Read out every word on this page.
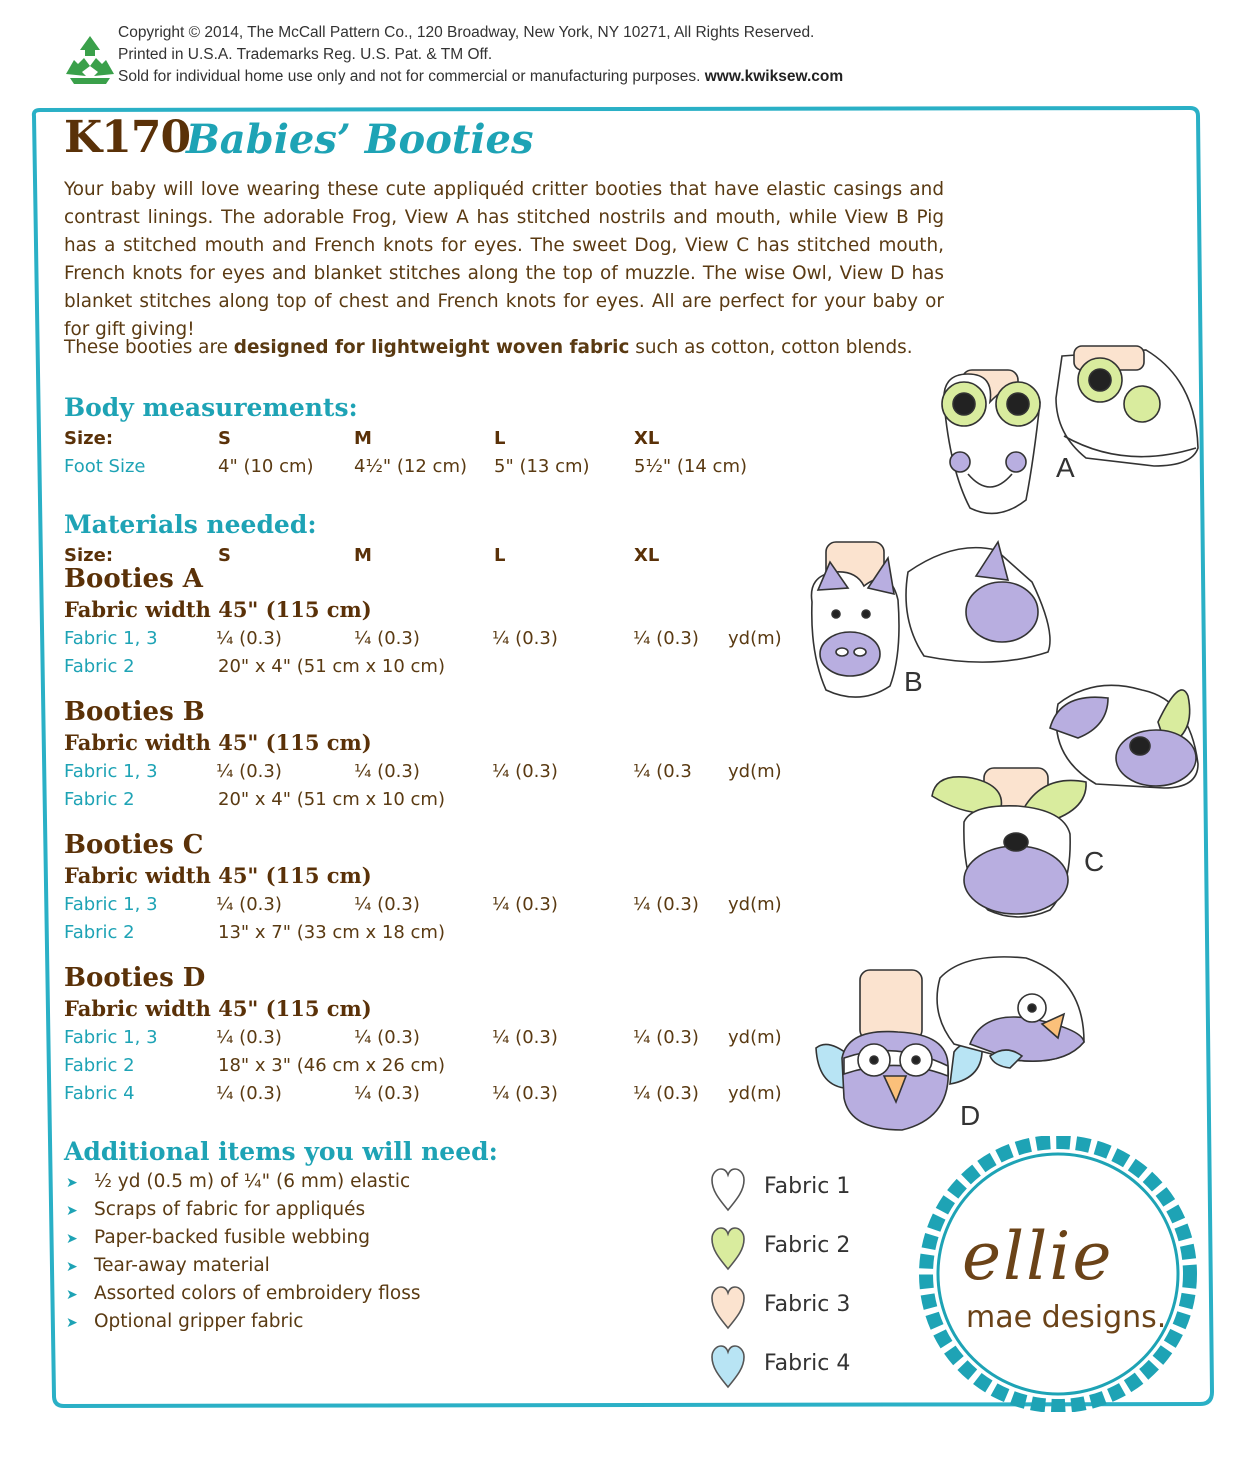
Copyright © 2014, The McCall Pattern Co., 120 Broadway, New York, NY 10271, All Rights Reserved.
Printed in U.S.A. Trademarks Reg. U.S. Pat. & TM Off.
Sold for individual home use only and not for commercial or manufacturing purposes. www.kwiksew.com
K170
Babies’ Booties
Your baby will love wearing these cute appliquéd critter booties that have elastic casings and contrast linings. The adorable Frog, View A has stitched nostrils and mouth, while View B Pig has a stitched mouth and French knots for eyes. The sweet Dog, View C has stitched mouth, French knots for eyes and blanket stitches along the top of muzzle. The wise Owl, View D has blanket stitches along top of chest and French knots for eyes. All are perfect for your baby or for gift giving!
These booties are designed for lightweight woven fabric such as cotton, cotton blends.
Body measurements:
Size:	S	M	L	XL
Foot Size	4" (10 cm) 4½" (12 cm) 5" (13 cm) 5½" (14 cm)
Materials needed:
Size:	S	M	L	XL
Booties A
Fabric width 45" (115 cm)
Fabric 1, 3	¼ (0.3)	¼ (0.3)	¼ (0.3)	¼ (0.3) yd(m)
Fabric 2	20" x 4" (51 cm x 10 cm)
Booties B
Fabric width 45" (115 cm)
Fabric 1, 3	¼ (0.3)	¼ (0.3)	¼ (0.3)	¼ (0.3 yd(m)
Fabric 2	20" x 4" (51 cm x 10 cm)
Booties C
Fabric width 45" (115 cm)
Fabric 1, 3	¼ (0.3)	¼ (0.3)	¼ (0.3)	¼ (0.3) yd(m)
Fabric 2	13" x 7" (33 cm x 18 cm)
Booties D
Fabric width 45" (115 cm)
Fabric 1, 3	¼ (0.3)	¼ (0.3)	¼ (0.3)	¼ (0.3) yd(m)
Fabric 2	18" x 3" (46 cm x 26 cm)
Fabric 4	¼ (0.3)	¼ (0.3)	¼ (0.3)	¼ (0.3) yd(m)
Additional items you will need:
➤ ½ yd (0.5 m) of ¼" (6 mm) elastic
➤ Scraps of fabric for appliqués
➤ Paper-backed fusible webbing
➤ Tear-away material
➤ Assorted colors of embroidery floss
➤ Optional gripper fabric
Fabric 1
Fabric 2
Fabric 3
Fabric 4
ellie
mae designs.
A
B
C
D
